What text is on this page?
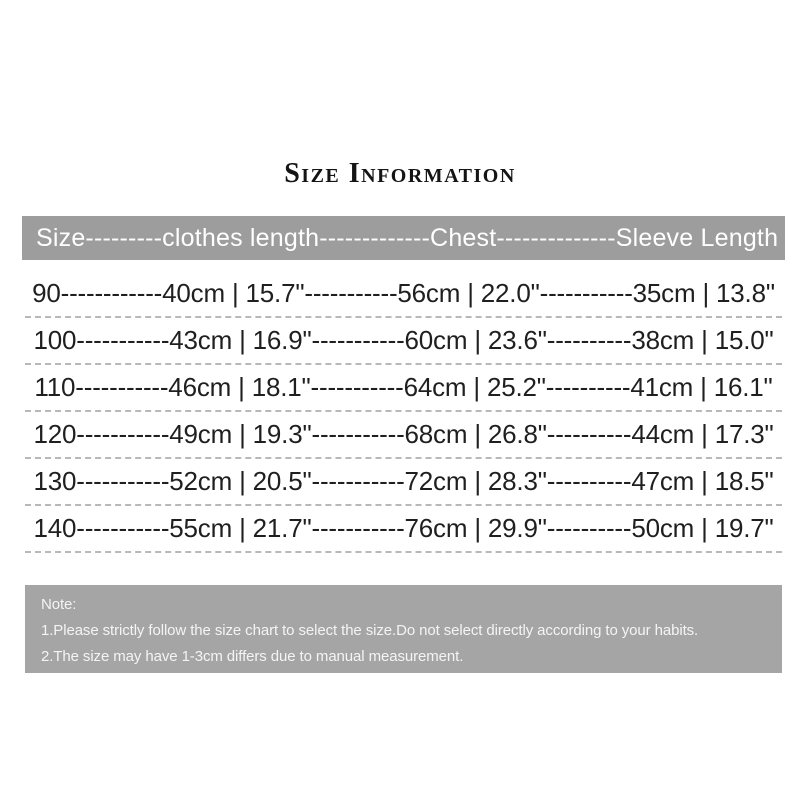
Size Information
Size---------clothes length-------------Chest--------------Sleeve Length
90------------40cm | 15.7"-----------56cm | 22.0"-----------35cm | 13.8"
100-----------43cm | 16.9"-----------60cm | 23.6"----------38cm | 15.0"
110-----------46cm | 18.1"-----------64cm | 25.2"----------41cm | 16.1"
120-----------49cm | 19.3"-----------68cm | 26.8"----------44cm | 17.3"
130-----------52cm | 20.5"-----------72cm | 28.3"----------47cm | 18.5"
140-----------55cm | 21.7"-----------76cm | 29.9"----------50cm | 19.7"
Note:
1.Please strictly follow the size chart to select the size.Do not select directly according to your habits.
2.The size may have 1-3cm differs due to manual measurement.
